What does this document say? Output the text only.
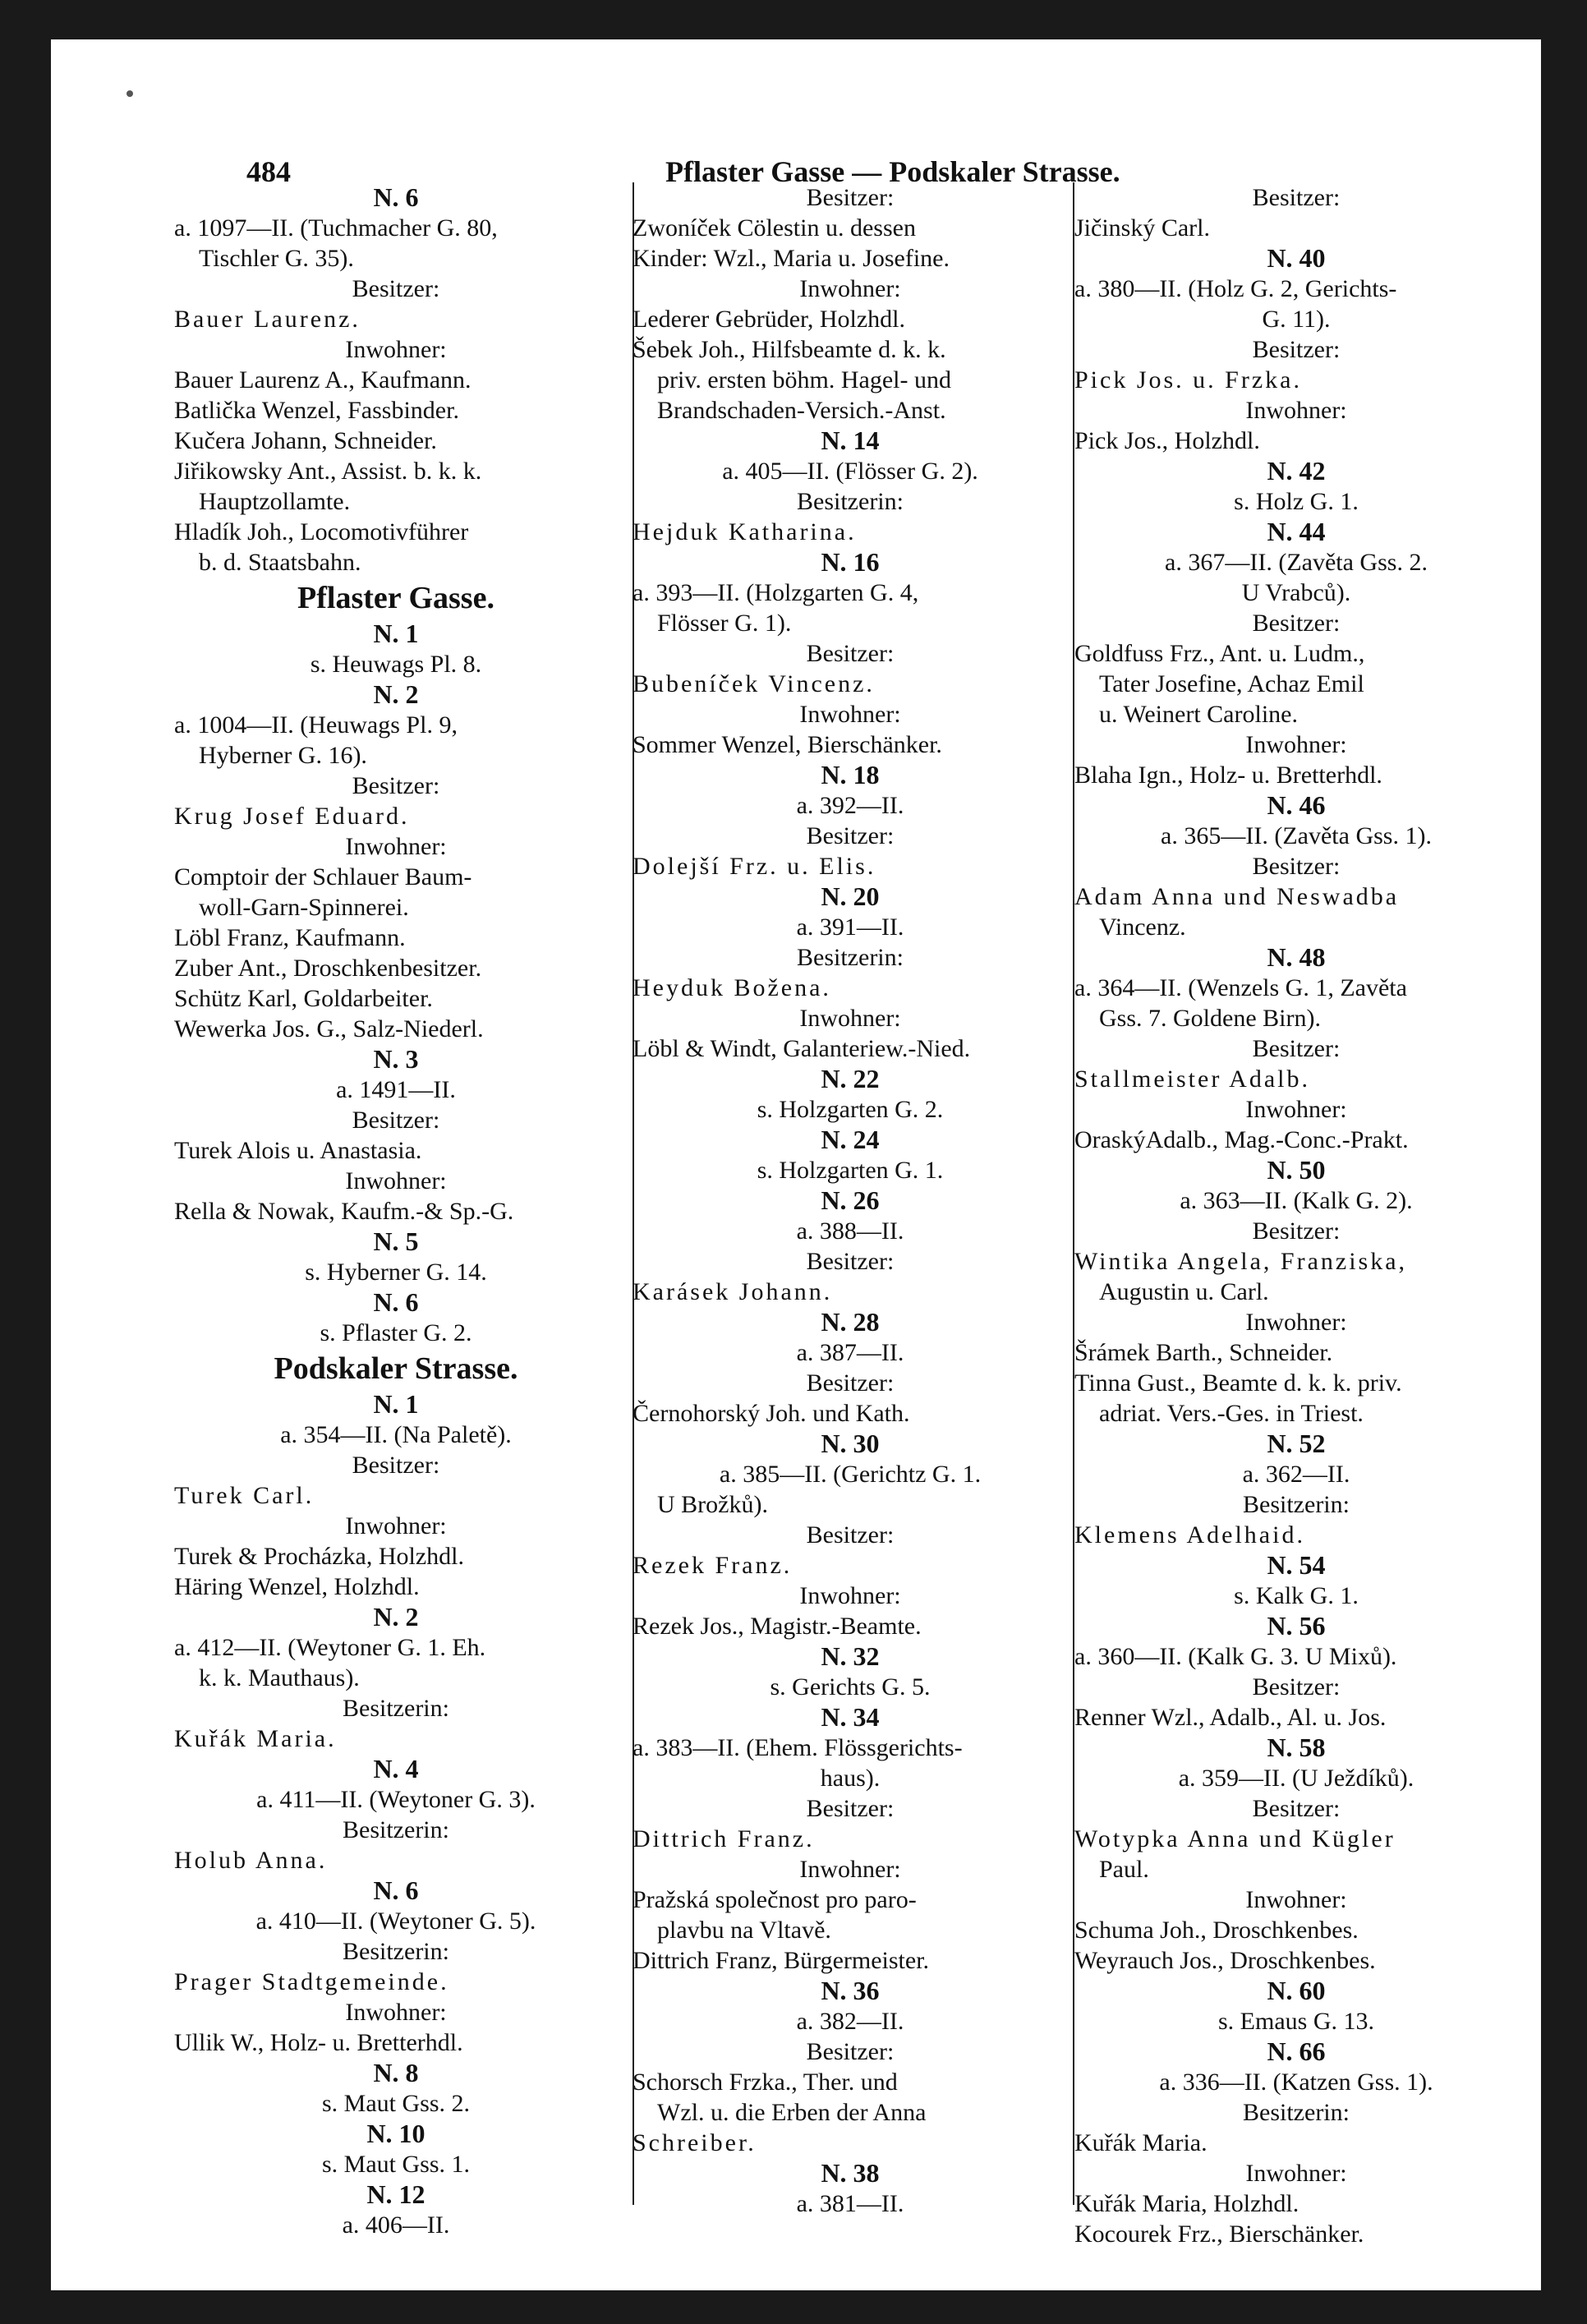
484	Pflaster Gasse — Podskaler Strasse.
N. 6
a. 1097—II. (Tuchmacher G. 80,
Tischler G. 35).
Besitzer:
Bauer Laurenz.
Inwohner:
Bauer Laurenz A., Kaufmann.
Batlička Wenzel, Fassbinder.
Kučera Johann, Schneider.
Jiřikowsky Ant., Assist. b. k. k.
Hauptzollamte.
Hladík Joh., Locomotivführer
b. d. Staatsbahn.
Pflaster Gasse.
N. 1
s. Heuwags Pl. 8.
N. 2
a. 1004—II. (Heuwags Pl. 9,
Hyberner G. 16).
Besitzer:
Krug Josef Eduard.
Inwohner:
Comptoir der Schlauer Baum-
woll-Garn-Spinnerei.
Löbl Franz, Kaufmann.
Zuber Ant., Droschkenbesitzer.
Schütz Karl, Goldarbeiter.
Wewerka Jos. G., Salz-Niederl.
N. 3
a. 1491—II.
Besitzer:
Turek Alois u. Anastasia.
Inwohner:
Rella & Nowak, Kaufm.-& Sp.-G.
N. 5
s. Hyberner G. 14.
N. 6
s. Pflaster G. 2.
Podskaler Strasse.
N. 1
a. 354—II. (Na Paletě).
Besitzer:
Turek Carl.
Inwohner:
Turek & Procházka, Holzhdl.
Häring Wenzel, Holzhdl.
N. 2
a. 412—II. (Weytoner G. 1. Eh.
k. k. Mauthaus).
Besitzerin:
Kuřák Maria.
N. 4
a. 411—II. (Weytoner G. 3).
Besitzerin:
Holub Anna.
N. 6
a. 410—II. (Weytoner G. 5).
Besitzerin:
Prager Stadtgemeinde.
Inwohner:
Ullik W., Holz- u. Bretterhdl.
N. 8
s. Maut Gss. 2.
N. 10
s. Maut Gss. 1.
N. 12
a. 406—II.
Besitzer:
Zwoníček Cölestin u. dessen
Kinder: Wzl., Maria u. Josefine.
Inwohner:
Lederer Gebrüder, Holzhdl.
Šebek Joh., Hilfsbeamte d. k. k.
priv. ersten böhm. Hagel- und
Brandschaden-Versich.-Anst.
N. 14
a. 405—II. (Flösser G. 2).
Besitzerin:
Hejduk Katharina.
N. 16
a. 393—II. (Holzgarten G. 4,
Flösser G. 1).
Besitzer:
Bubeníček Vincenz.
Inwohner:
Sommer Wenzel, Bierschänker.
N. 18
a. 392—II.
Besitzer:
Dolejší Frz. u. Elis.
N. 20
a. 391—II.
Besitzerin:
Heyduk Božena.
Inwohner:
Löbl & Windt, Galanteriew.-Nied.
N. 22
s. Holzgarten G. 2.
N. 24
s. Holzgarten G. 1.
N. 26
a. 388—II.
Besitzer:
Karásek Johann.
N. 28
a. 387—II.
Besitzer:
Černohorský Joh. und Kath.
N. 30
a. 385—II. (Gerichtz G. 1.
U Brožků).
Besitzer:
Rezek Franz.
Inwohner:
Rezek Jos., Magistr.-Beamte.
N. 32
s. Gerichts G. 5.
N. 34
a. 383—II. (Ehem. Flössgerichts-
haus).
Besitzer:
Dittrich Franz.
Inwohner:
Pražská společnost pro paro-
plavbu na Vltavě.
Dittrich Franz, Bürgermeister.
N. 36
a. 382—II.
Besitzer:
Schorsch Frzka., Ther. und
Wzl. u. die Erben der Anna
Schreiber.
N. 38
a. 381—II.
Besitzer:
Jičinský Carl.
N. 40
a. 380—II. (Holz G. 2, Gerichts-
G. 11).
Besitzer:
Pick Jos. u. Frzka.
Inwohner:
Pick Jos., Holzhdl.
N. 42
s. Holz G. 1.
N. 44
a. 367—II. (Zavěta Gss. 2.
U Vrabců).
Besitzer:
Goldfuss Frz., Ant. u. Ludm.,
Tater Josefine, Achaz Emil
u. Weinert Caroline.
Inwohner:
Blaha Ign., Holz- u. Bretterhdl.
N. 46
a. 365—II. (Zavěta Gss. 1).
Besitzer:
Adam Anna und Neswadba
Vincenz.
N. 48
a. 364—II. (Wenzels G. 1, Zavěta
Gss. 7. Goldene Birn).
Besitzer:
Stallmeister Adalb.
Inwohner:
OraskýAdalb., Mag.-Conc.-Prakt.
N. 50
a. 363—II. (Kalk G. 2).
Besitzer:
Wintika Angela, Franziska,
Augustin u. Carl.
Inwohner:
Šrámek Barth., Schneider.
Tinna Gust., Beamte d. k. k. priv.
adriat. Vers.-Ges. in Triest.
N. 52
a. 362—II.
Besitzerin:
Klemens Adelhaid.
N. 54
s. Kalk G. 1.
N. 56
a. 360—II. (Kalk G. 3. U Mixů).
Besitzer:
Renner Wzl., Adalb., Al. u. Jos.
N. 58
a. 359—II. (U Ježdíků).
Besitzer:
Wotypka Anna und Kügler
Paul.
Inwohner:
Schuma Joh., Droschkenbes.
Weyrauch Jos., Droschkenbes.
N. 60
s. Emaus G. 13.
N. 66
a. 336—II. (Katzen Gss. 1).
Besitzerin:
Kuřák Maria.
Inwohner:
Kuřák Maria, Holzhdl.
Kocourek Frz., Bierschänker.
